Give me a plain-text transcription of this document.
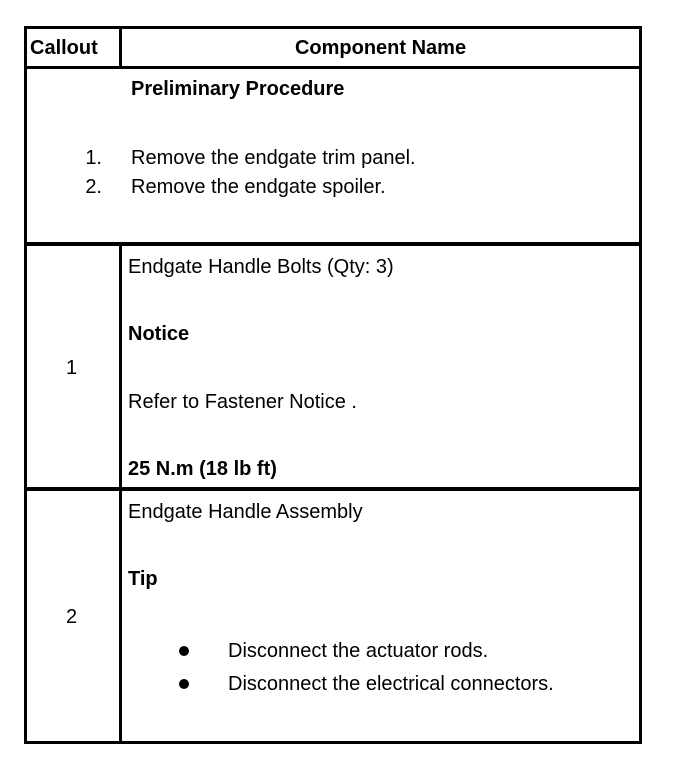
Callout	Component Name
Preliminary Procedure
1. Remove the endgate trim panel.
2. Remove the endgate spoiler.
1
Endgate Handle Bolts (Qty: 3)
Notice
Refer to Fastener Notice .
25 N.m (18 lb ft)
2
Endgate Handle Assembly
Tip
Disconnect the actuator rods.
Disconnect the electrical connectors.
